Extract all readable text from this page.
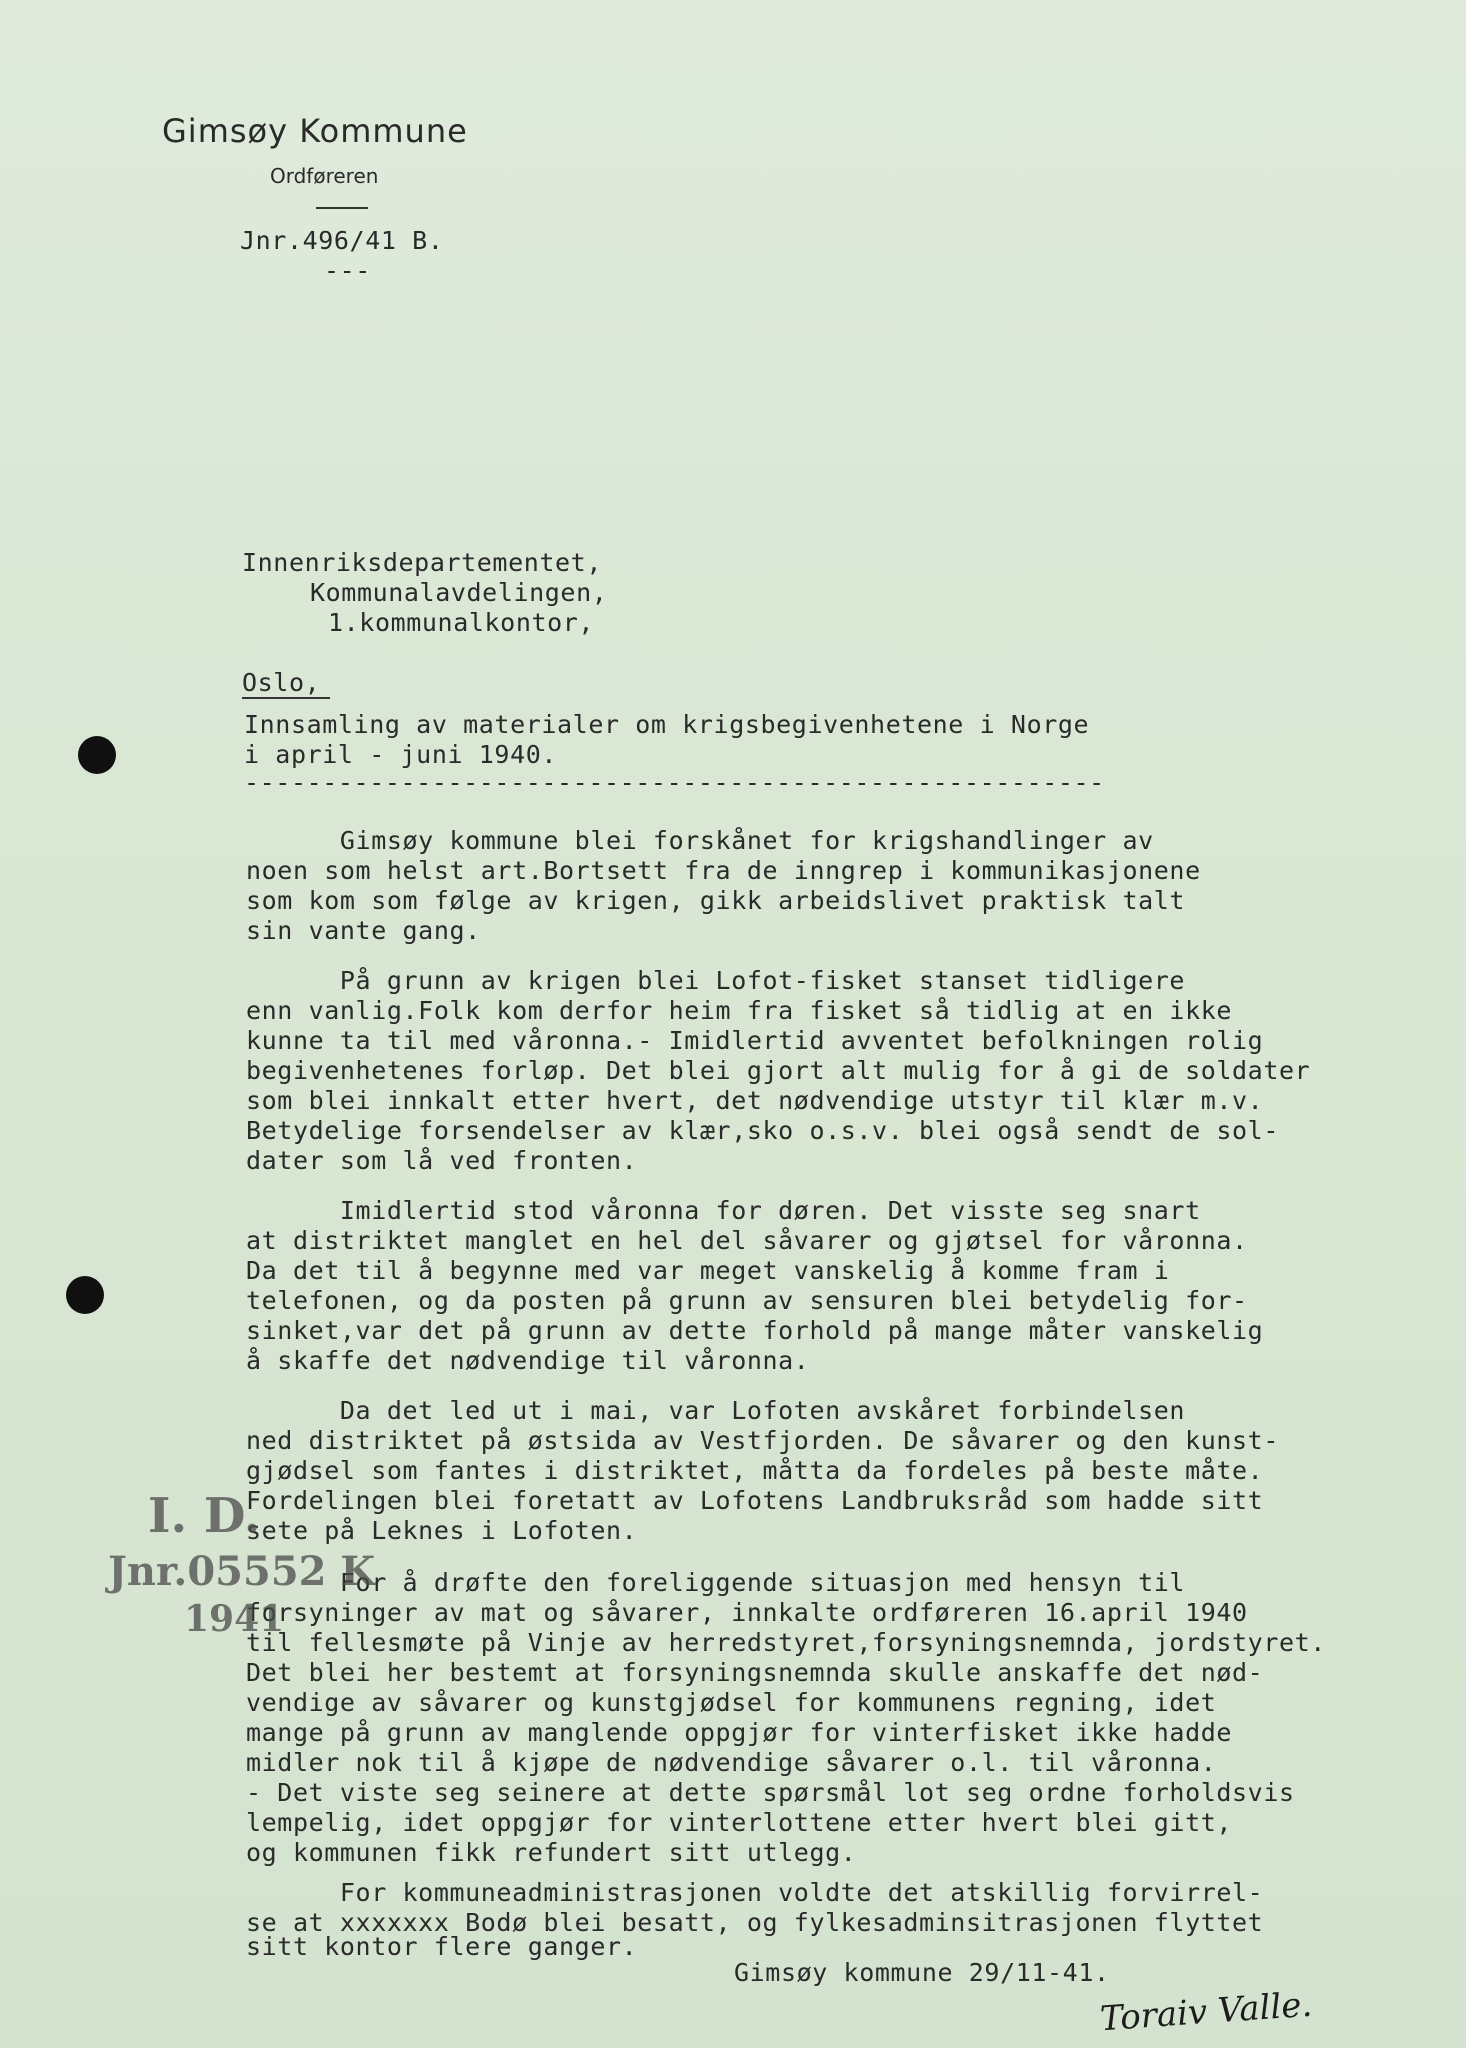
Gimsøy Kommune
Ordføreren
Jnr.496/41 B.
---
Innenriksdepartementet,
Kommunalavdelingen,
1.kommunalkontor,
Oslo,
Innsamling av materialer om krigsbegivenhetene i Norge
i april - juni 1940.
-------------------------------------------------------
Gimsøy kommune blei forskånet for krigshandlinger av
noen som helst art.Bortsett fra de inngrep i kommunikasjonene
som kom som følge av krigen, gikk arbeidslivet praktisk talt
sin vante gang.
På grunn av krigen blei Lofot-fisket stanset tidligere
enn vanlig.Folk kom derfor heim fra fisket så tidlig at en ikke
kunne ta til med våronna.- Imidlertid avventet befolkningen rolig
begivenhetenes forløp. Det blei gjort alt mulig for å gi de soldater
som blei innkalt etter hvert, det nødvendige utstyr til klær m.v.
Betydelige forsendelser av klær,sko o.s.v. blei også sendt de sol-
dater som lå ved fronten.
Imidlertid stod våronna for døren. Det visste seg snart
at distriktet manglet en hel del såvarer og gjøtsel for våronna.
Da det til å begynne med var meget vanskelig å komme fram i
telefonen, og da posten på grunn av sensuren blei betydelig for-
sinket,var det på grunn av dette forhold på mange måter vanskelig
å skaffe det nødvendige til våronna.
Da det led ut i mai, var Lofoten avskåret forbindelsen
ned distriktet på østsida av Vestfjorden. De såvarer og den kunst-
gjødsel som fantes i distriktet, måtta da fordeles på beste måte.
Fordelingen blei foretatt av Lofotens Landbruksråd som hadde sitt
sete på Leknes i Lofoten.
For å drøfte den foreliggende situasjon med hensyn til
forsyninger av mat og såvarer, innkalte ordføreren 16.april 1940
til fellesmøte på Vinje av herredstyret,forsyningsnemnda, jordstyret.
Det blei her bestemt at forsyningsnemnda skulle anskaffe det nød-
vendige av såvarer og kunstgjødsel for kommunens regning, idet
mange på grunn av manglende oppgjør for vinterfisket ikke hadde
midler nok til å kjøpe de nødvendige såvarer o.l. til våronna.
- Det viste seg seinere at dette spørsmål lot seg ordne forholdsvis
lempelig, idet oppgjør for vinterlottene etter hvert blei gitt,
og kommunen fikk refundert sitt utlegg.
For kommuneadministrasjonen voldte det atskillig forvirrel-
se at xxxxxxx Bodø blei besatt, og fylkesadminsitrasjonen flyttet
sitt kontor flere ganger.
Gimsøy kommune 29/11-41.
Toraiv Valle.
I. D.
Jnr.05552 K
1941
